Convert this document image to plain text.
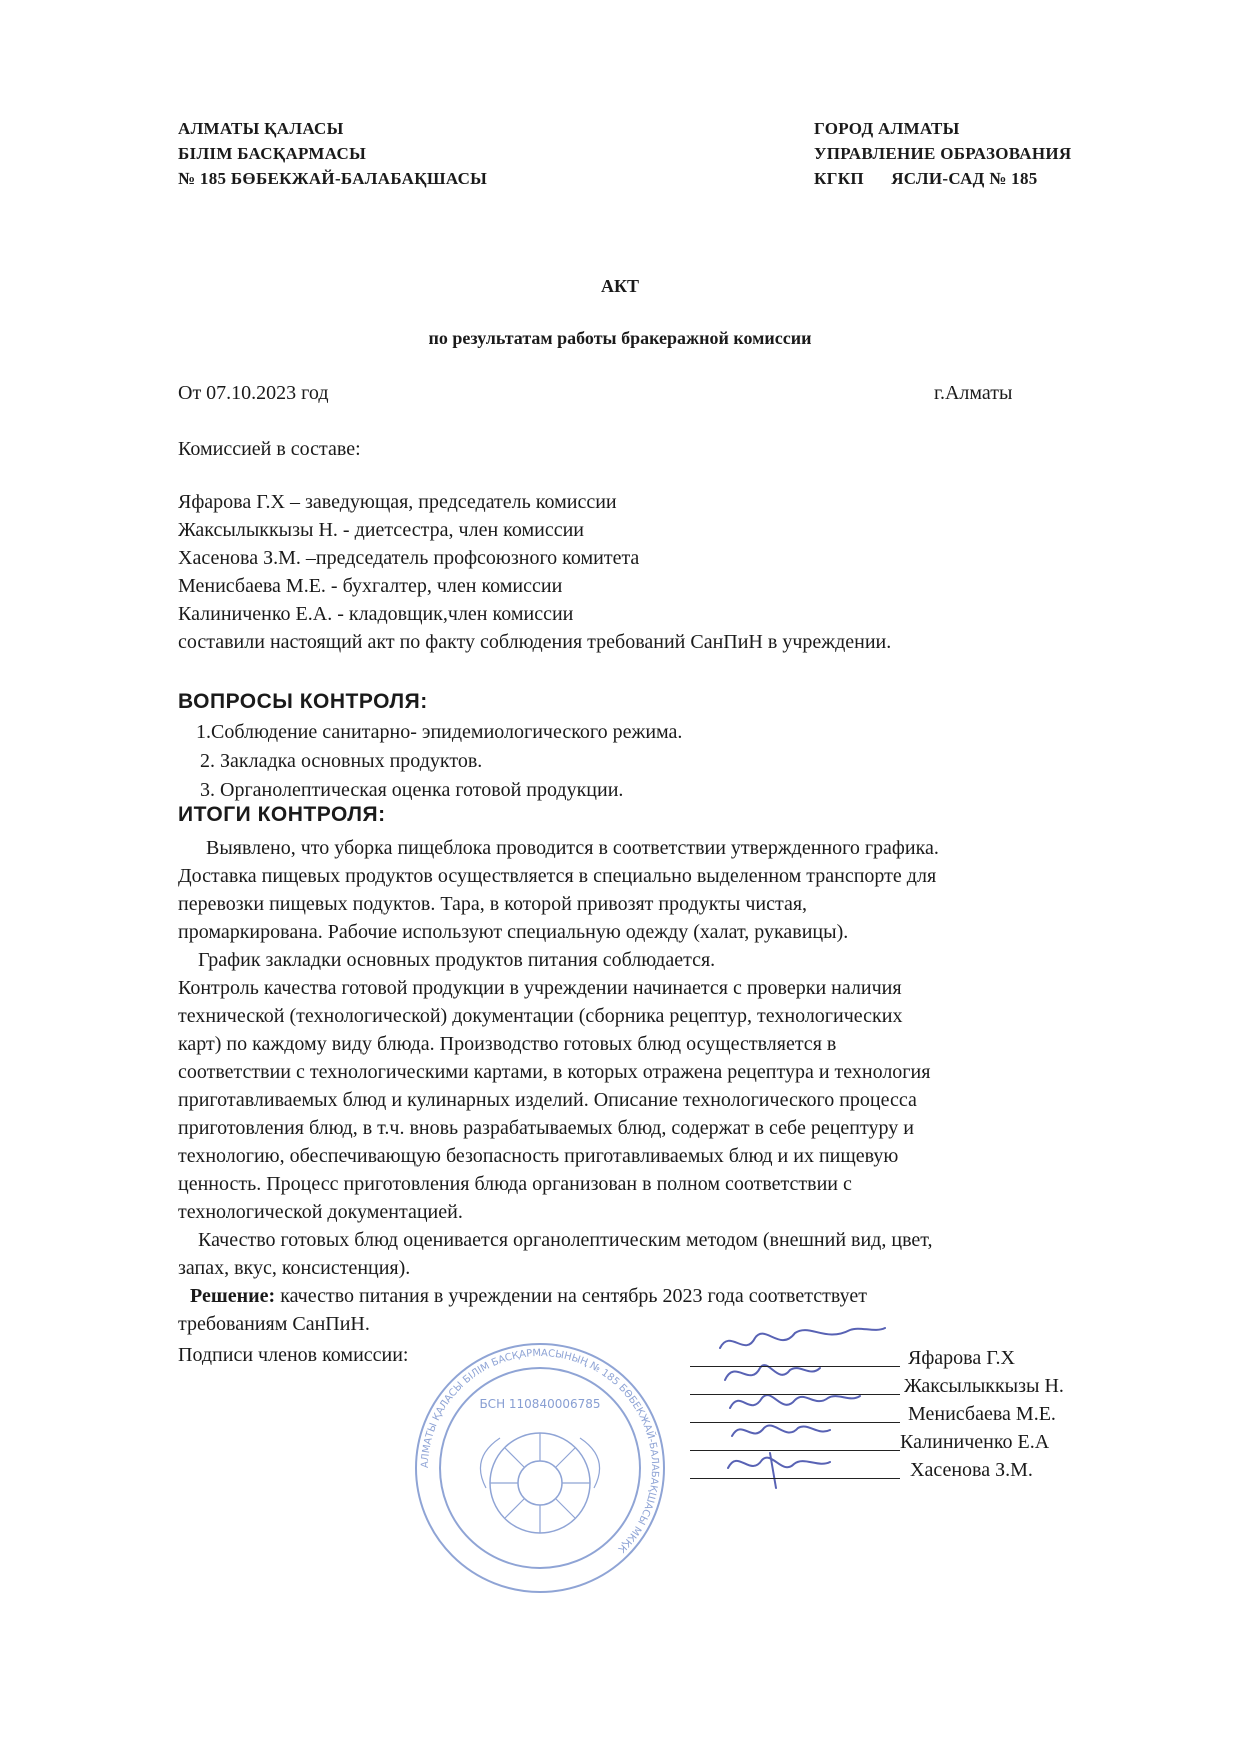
АЛМАТЫ ҚАЛАСЫ
БІЛІМ БАСҚАРМАСЫ
№ 185 БӨБЕКЖАЙ-БАЛАБАҚШАСЫ
ГОРОД АЛМАТЫ
УПРАВЛЕНИЕ ОБРАЗОВАНИЯ
КГКП      ЯСЛИ-САД № 185
АКТ
по результатам работы бракеражной комиссии
От 07.10.2023 год	г.Алматы
Комиссией в составе:
Яфарова Г.Х – заведующая, председатель комиссии
Жаксылыккызы Н. - диетсестра, член комиссии
Хасенова З.М. –председатель профсоюзного комитета
Менисбаева М.Е. - бухгалтер, член комиссии
Калиниченко Е.А. - кладовщик,член комиссии
составили настоящий акт по факту соблюдения требований СанПиН в учреждении.
ВОПРОСЫ КОНТРОЛЯ:
1.Соблюдение санитарно- эпидемиологического режима.
2. Закладка основных продуктов.
3. Органолептическая оценка готовой продукции.
ИТОГИ КОНТРОЛЯ:
Выявлено, что уборка пищеблока проводится в соответствии утвержденного графика.
Доставка пищевых продуктов осуществляется в специально выделенном транспорте для
перевозки пищевых подуктов. Тара, в которой привозят продукты чистая,
промаркирована. Рабочие используют специальную одежду (халат, рукавицы).
График закладки основных продуктов питания соблюдается.
Контроль качества готовой продукции в учреждении начинается с проверки наличия
технической (технологической) документации (сборника рецептур, технологических
карт) по каждому виду блюда. Производство готовых блюд осуществляется в
соответствии с технологическими картами, в которых отражена рецептура и технология
приготавливаемых блюд и кулинарных изделий. Описание технологического процесса
приготовления блюд, в т.ч. вновь разрабатываемых блюд, содержат в себе рецептуру и
технологию, обеспечивающую безопасность приготавливаемых блюд и их пищевую
ценность. Процесс приготовления блюда организован в полном соответствии с
технологической документацией.
Качество готовых блюд оценивается органолептическим методом (внешний вид, цвет,
запах, вкус, консистенция).
Решение: качество питания в учреждении на сентябрь 2023 года соответствует
требованиям СанПиН.
Подписи членов комиссии:
АЛМАТЫ ҚАЛАСЫ БІЛІМ БАСҚАРМАСЫНЫҢ № 185 БӨБЕКЖАЙ-БАЛАБАҚШАСЫ МКҚК
БСН 110840006785
Яфарова Г.Х
Жаксылыккызы Н.
Менисбаева М.Е.
Калиниченко Е.А
Хасенова З.М.
